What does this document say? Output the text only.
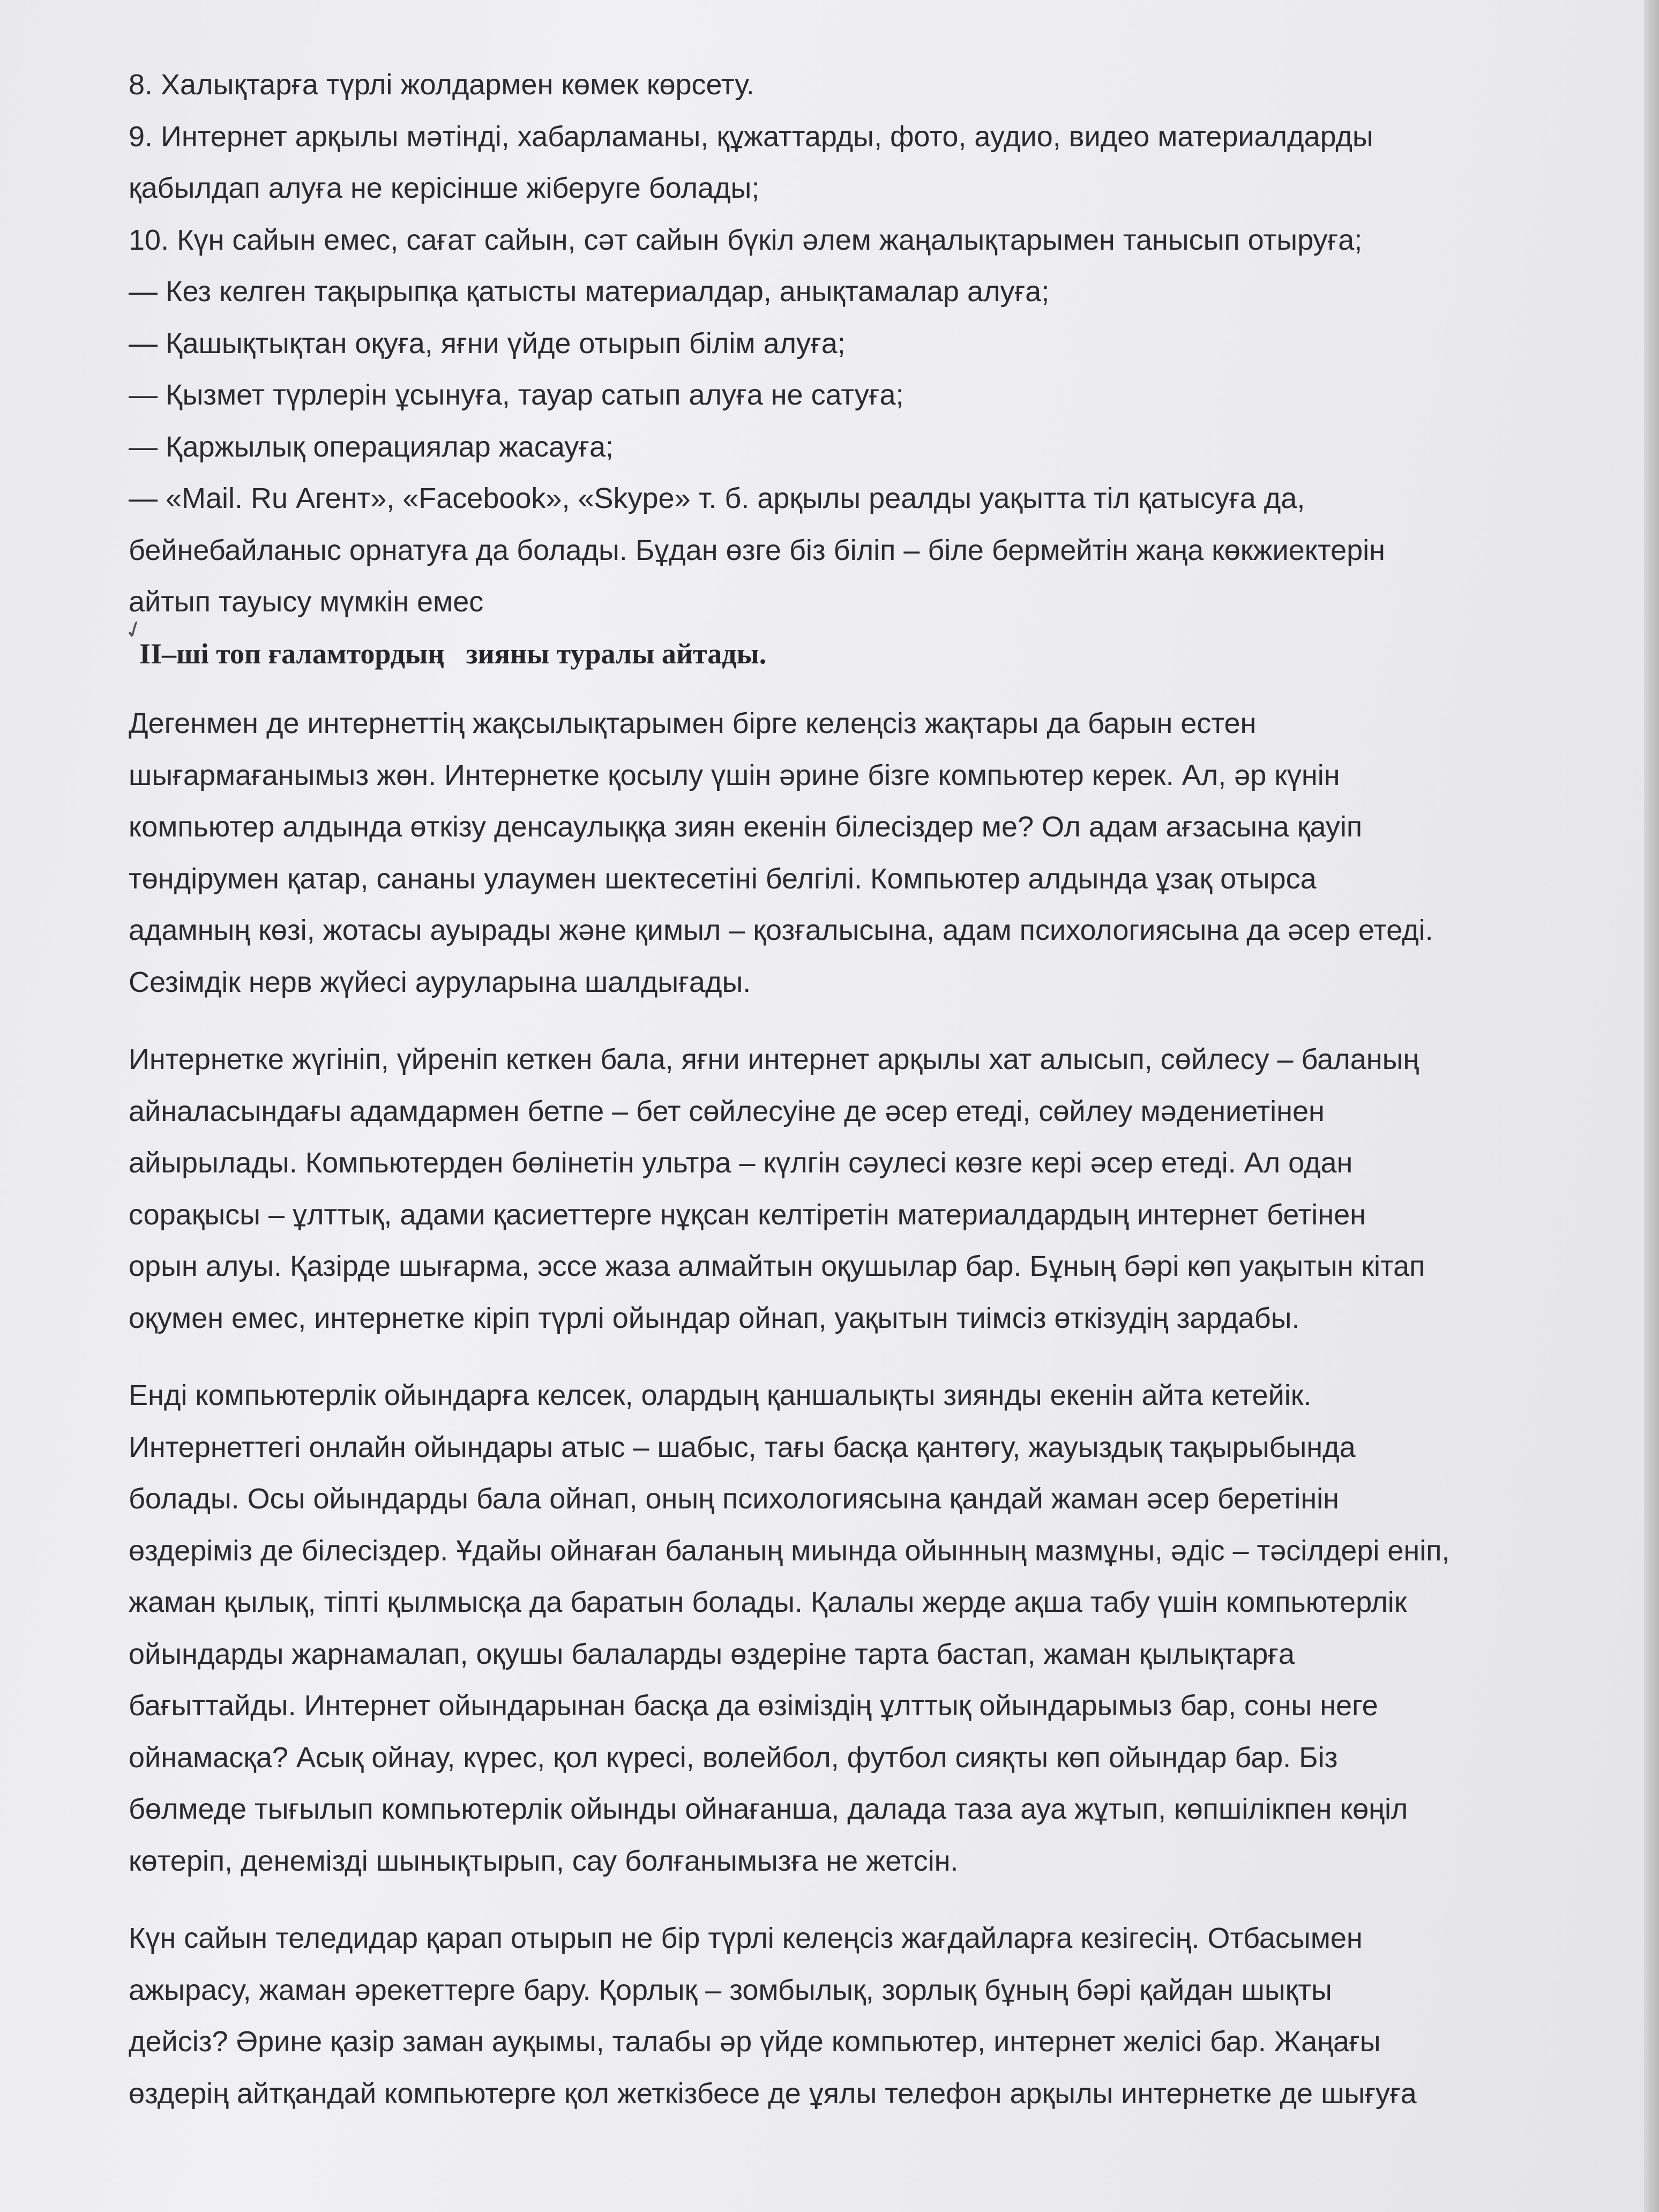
✓

8. Халықтарға түрлі жолдармен көмек көрсету.

9. Интернет арқылы мәтінді, хабарламаны, құжаттарды, фото, аудио, видео материалдарды

қабылдап алуға не керісінше жіберуге болады;

10. Күн сайын емес, сағат сайын, сәт сайын бүкіл әлем жаңалықтарымен танысып отыруға;

— Кез келген тақырыпқа қатысты материалдар, анықтамалар алуға;

— Қашықтықтан оқуға, яғни үйде отырып білім алуға;

— Қызмет түрлерін ұсынуға, тауар сатып алуға не сатуға;

— Қаржылық операциялар жасауға;

— «Mail. Ru Агент», «Facebook», «Skype» т. б. арқылы реалды уақытта тіл қатысуға да,

бейнебайланыс орнатуға да болады. Бұдан өзге біз біліп – біле бермейтін жаңа көкжиектерін

айтып тауысу мүмкін емес

II–ші топ ғаламтордың   зияны туралы айтады.

Дегенмен де интернеттің жақсылықтарымен бірге келеңсіз жақтары да барын естен

шығармағанымыз жөн. Интернетке қосылу үшін әрине бізге компьютер керек. Ал, әр күнін

компьютер алдында өткізу денсаулыққа зиян екенін білесіздер ме? Ол адам ағзасына қауіп

төндірумен қатар, сананы улаумен шектесетіні белгілі. Компьютер алдында ұзақ отырса

адамның көзі, жотасы ауырады және қимыл – қозғалысына, адам психологиясына да әсер етеді.

Сезімдік нерв жүйесі ауруларына шалдығады.

Интернетке жүгініп, үйреніп кеткен бала, яғни интернет арқылы хат алысып, сөйлесу – баланың

айналасындағы адамдармен бетпе – бет сөйлесуіне де әсер етеді, сөйлеу мәдениетінен

айырылады. Компьютерден бөлінетін ультра – күлгін сәулесі көзге кері әсер етеді. Ал одан

сорақысы – ұлттық, адами қасиеттерге нұқсан келтіретін материалдардың интернет бетінен

орын алуы. Қазірде шығарма, эссе жаза алмайтын оқушылар бар. Бұның бәрі көп уақытын кітап

оқумен емес, интернетке кіріп түрлі ойындар ойнап, уақытын тиімсіз өткізудің зардабы.

Енді компьютерлік ойындарға келсек, олардың қаншалықты зиянды екенін айта кетейік.

Интернеттегі онлайн ойындары атыс – шабыс, тағы басқа қантөгу, жауыздық тақырыбында

болады. Осы ойындарды бала ойнап, оның психологиясына қандай жаман әсер беретінін

өздеріміз де білесіздер. Ұдайы ойнаған баланың миында ойынның мазмұны, әдіс – тәсілдері еніп,

жаман қылық, тіпті қылмысқа да баратын болады. Қалалы жерде ақша табу үшін компьютерлік

ойындарды жарнамалап, оқушы балаларды өздеріне тарта бастап, жаман қылықтарға

бағыттайды. Интернет ойындарынан басқа да өзіміздің ұлттық ойындарымыз бар, соны неге

ойнамасқа? Асық ойнау, күрес, қол күресі, волейбол, футбол сияқты көп ойындар бар. Біз

бөлмеде тығылып компьютерлік ойынды ойнағанша, далада таза ауа жұтып, көпшілікпен көңіл

көтеріп, денемізді шынықтырып, сау болғанымызға не жетсін.

Күн сайын теледидар қарап отырып не бір түрлі келеңсіз жағдайларға кезігесің. Отбасымен

ажырасу, жаман әрекеттерге бару. Қорлық – зомбылық, зорлық бұның бәрі қайдан шықты

дейсіз? Әрине қазір заман ауқымы, талабы әр үйде компьютер, интернет желісі бар. Жаңағы

өздерің айтқандай компьютерге қол жеткізбесе де ұялы телефон арқылы интернетке де шығуға
